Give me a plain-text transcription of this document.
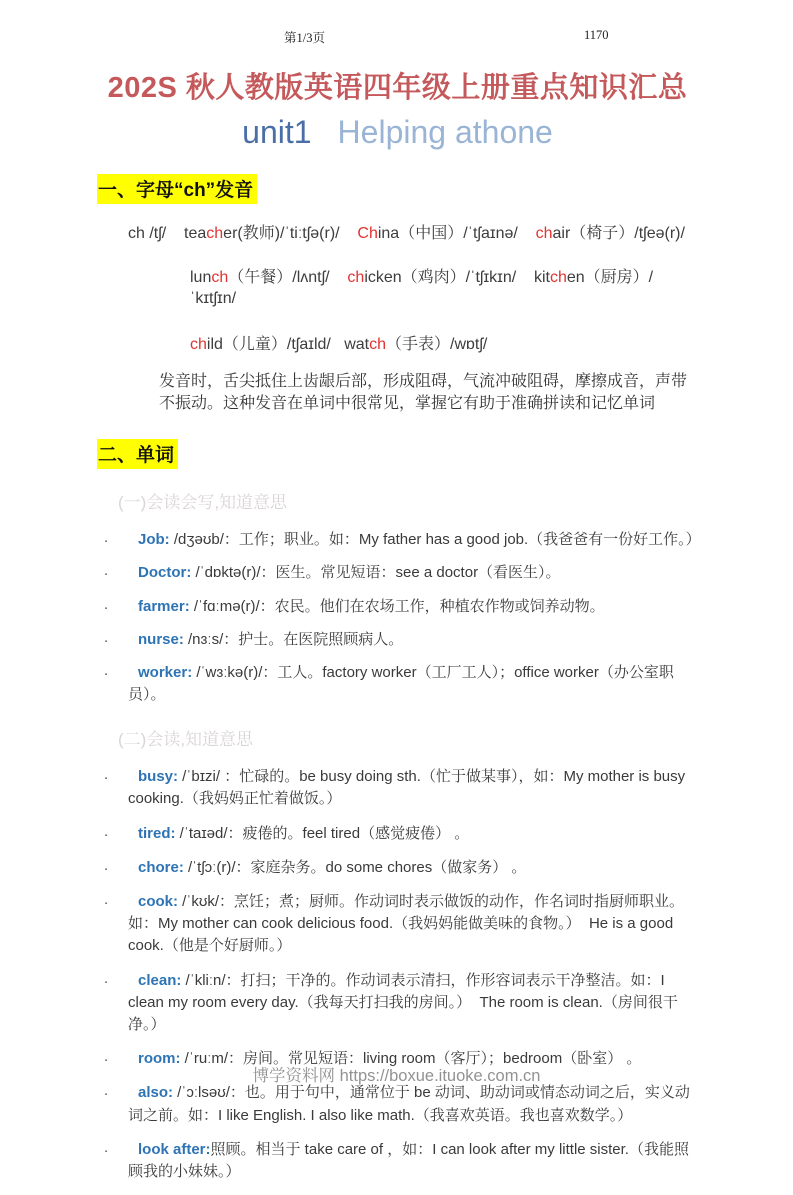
第1/3页	1170
202S 秋人教版英语四年级上册重点知识汇总
unit1 Helping athone
一、字母“ch”发音
ch /tʃ/    teacher(教师)/ˈtiːtʃə(r)/    China（中国）/ˈtʃaɪnə/    chair（椅子）/tʃeə(r)/
lunch（午餐）/lʌntʃ/    chicken（鸡肉）/ˈtʃɪkɪn/    kitchen（厨房）/ˈkɪtʃɪn/
child（儿童）/tʃaɪld/   watch（手表）/wɒtʃ/
发音时，舌尖抵住上齿龈后部，形成阻碍，气流冲破阻碍，摩擦成音，声带不振动。这种发音在单词中很常见，掌握它有助于准确拼读和记忆单词
二、单词
(一)会读会写,知道意思
. Job: /dʒəʊb/：工作；职业。如：My father has a good job.（我爸爸有一份好工作。）
. Doctor: /ˈdɒktə(r)/：医生。常见短语：see a doctor（看医生）。
. farmer: /ˈfɑːmə(r)/：农民。他们在农场工作，种植农作物或饲养动物。
. nurse: /nɜːs/：护士。在医院照顾病人。
. worker: /ˈwɜːkə(r)/：工人。factory worker（工厂工人）；office worker（办公室职员）。
(二)会读,知道意思
. busy: /ˈbɪzi/ ：忙碌的。be busy doing sth.（忙于做某事），如：My mother is busy cooking.（我妈妈正忙着做饭。）
. tired: /ˈtaɪəd/：疲倦的。feel tired（感觉疲倦） 。
. chore: /ˈtʃɔː(r)/：家庭杂务。do some chores（做家务） 。
. cook: /ˈkʊk/：烹饪；煮；厨师。作动词时表示做饭的动作，作名词时指厨师职业。如：My mother can cook delicious food.（我妈妈能做美味的食物。）  He is a good cook.（他是个好厨师。）
. clean: /ˈkliːn/：打扫；干净的。作动词表示清扫，作形容词表示干净整洁。如：I clean my room every day.（我每天打扫我的房间。）  The room is clean.（房间很干净。）
. room: /ˈruːm/：房间。常见短语：living room（客厅）；bedroom（卧室） 。
. also: /ˈɔːlsəʊ/：也。用于句中，通常位于 be 动词、助动词或情态动词之后，实义动词之前。如：I like English. I also like math.（我喜欢英语。我也喜欢数学。）
. look after:照顾。相当于 take care of ，如：I can look after my little sister.（我能照顾我的小妹妹。）
博学资料网 https://boxue.ituoke.com.cn
